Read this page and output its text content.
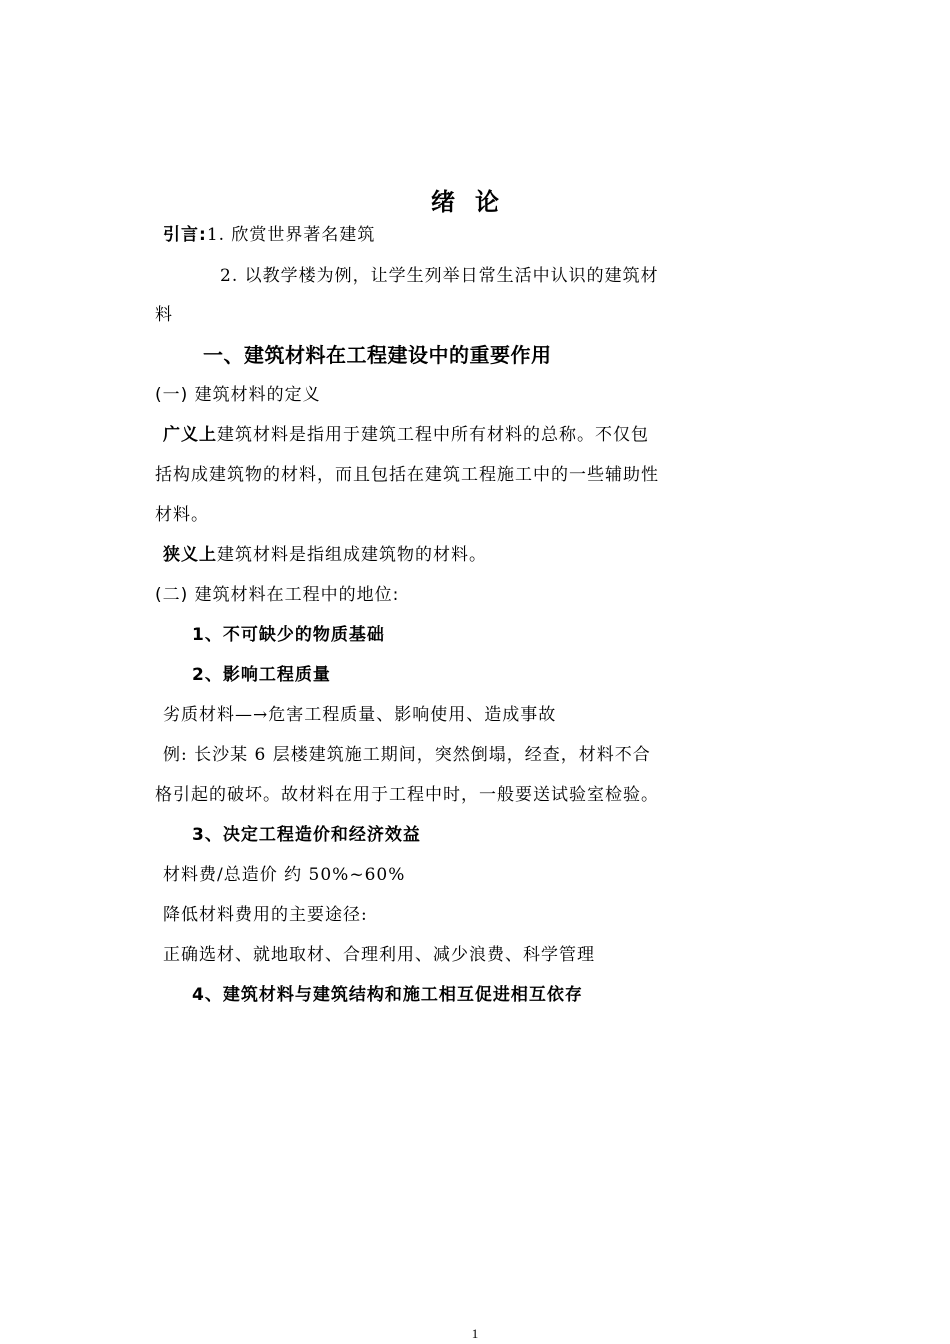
绪论
引言:1. 欣赏世界著名建筑
2. 以教学楼为例，让学生列举日常生活中认识的建筑材
料
一、建筑材料在工程建设中的重要作用
(一) 建筑材料的定义
广义上建筑材料是指用于建筑工程中所有材料的总称。不仅包
括构成建筑物的材料，而且包括在建筑工程施工中的一些辅助性
材料。
狭义上建筑材料是指组成建筑物的材料。
(二) 建筑材料在工程中的地位:
1、不可缺少的物质基础
2、影响工程质量
劣质材料—→危害工程质量、影响使用、造成事故
例: 长沙某 6 层楼建筑施工期间，突然倒塌，经查，材料不合
格引起的破坏。故材料在用于工程中时，一般要送试验室检验。
3、决定工程造价和经济效益
材料费/总造价 约 50%~60%
降低材料费用的主要途径:
正确选材、就地取材、合理利用、减少浪费、科学管理
4、建筑材料与建筑结构和施工相互促进相互依存
1
